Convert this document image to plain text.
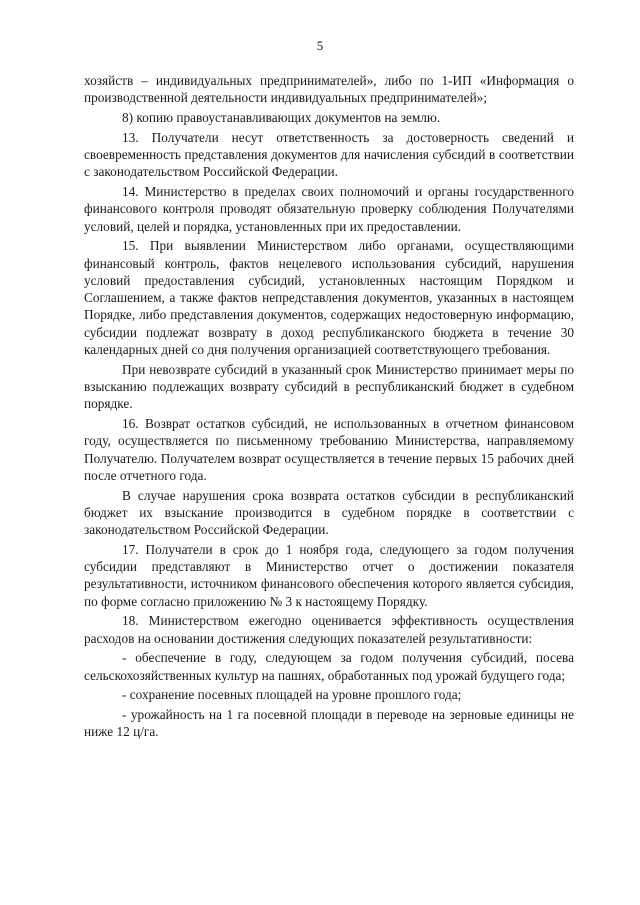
5

хозяйств – индивидуальных предпринимателей», либо по 1-ИП «Информация о производственной деятельности индивидуальных предпринимателей»;

8) копию правоустанавливающих документов на землю.

13. Получатели несут ответственность за достоверность сведений и своевременность представления документов для начисления субсидий в соответствии с законодательством Российской Федерации.

14. Министерство в пределах своих полномочий и органы государственного финансового контроля проводят обязательную проверку соблюдения Получателями условий, целей и порядка, установленных при их предоставлении.

15. При выявлении Министерством либо органами, осуществляющими финансовый контроль, фактов нецелевого использования субсидий, нарушения условий предоставления субсидий, установленных настоящим Порядком и Соглашением, а также фактов непредставления документов, указанных в настоящем Порядке, либо представления документов, содержащих недостоверную информацию, субсидии подлежат возврату в доход республиканского бюджета в течение 30 календарных дней со дня получения организацией соответствующего требования.

При невозврате субсидий в указанный срок Министерство принимает меры по взысканию подлежащих возврату субсидий в республиканский бюджет в судебном порядке.

16. Возврат остатков субсидий, не использованных в отчетном финансовом году, осуществляется по письменному требованию Министерства, направляемому Получателю. Получателем возврат осуществляется в течение первых 15 рабочих дней после отчетного года.

В случае нарушения срока возврата остатков субсидии в республиканский бюджет их взыскание производится в судебном порядке в соответствии с законодательством Российской Федерации.

17. Получатели в срок до 1 ноября года, следующего за годом получения субсидии представляют в Министерство отчет о достижении показателя результативности, источником финансового обеспечения которого является субсидия, по форме согласно приложению № 3 к настоящему Порядку.

18. Министерством ежегодно оценивается эффективность осуществления расходов на основании достижения следующих показателей результативности:

- обеспечение в году, следующем за годом получения субсидий, посева сельскохозяйственных культур на пашнях, обработанных под урожай будущего года;

- сохранение посевных площадей на уровне прошлого года;

- урожайность на 1 га посевной площади в переводе на зерновые единицы не ниже 12 ц/га.
